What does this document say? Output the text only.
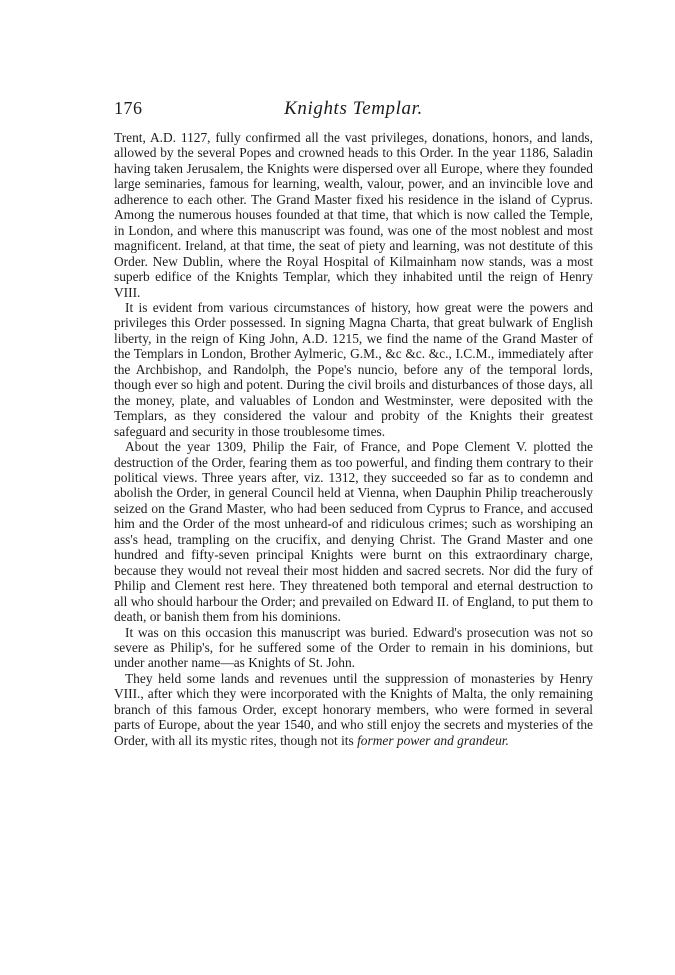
176	Knights Templar.

Trent, A.D. 1127, fully confirmed all the vast privileges, donations, honors, and lands, allowed by the several Popes and crowned heads to this Order. In the year 1186, Saladin having taken Jerusalem, the Knights were dispersed over all Europe, where they founded large seminaries, famous for learning, wealth, valour, power, and an invincible love and adherence to each other. The Grand Master fixed his residence in the island of Cyprus. Among the numerous houses founded at that time, that which is now called the Temple, in London, and where this manuscript was found, was one of the most noblest and most magnificent. Ireland, at that time, the seat of piety and learning, was not destitute of this Order. New Dublin, where the Royal Hospital of Kilmainham now stands, was a most superb edifice of the Knights Templar, which they inhabited until the reign of Henry VIII.

It is evident from various circumstances of history, how great were the powers and privileges this Order possessed. In signing Magna Charta, that great bulwark of English liberty, in the reign of King John, A.D. 1215, we find the name of the Grand Master of the Templars in London, Brother Aylmeric, G.M., &c &c. &c., I.C.M., immediately after the Archbishop, and Randolph, the Pope's nuncio, before any of the temporal lords, though ever so high and potent. During the civil broils and disturbances of those days, all the money, plate, and valuables of London and Westminster, were deposited with the Templars, as they considered the valour and probity of the Knights their greatest safeguard and security in those troublesome times.

About the year 1309, Philip the Fair, of France, and Pope Clement V. plotted the destruction of the Order, fearing them as too powerful, and finding them contrary to their political views. Three years after, viz. 1312, they succeeded so far as to condemn and abolish the Order, in general Council held at Vienna, when Dauphin Philip treacherously seized on the Grand Master, who had been seduced from Cyprus to France, and accused him and the Order of the most unheard-of and ridiculous crimes; such as worshiping an ass's head, trampling on the crucifix, and denying Christ. The Grand Master and one hundred and fifty-seven principal Knights were burnt on this extraordinary charge, because they would not reveal their most hidden and sacred secrets. Nor did the fury of Philip and Clement rest here. They threatened both temporal and eternal destruction to all who should harbour the Order; and prevailed on Edward II. of England, to put them to death, or banish them from his dominions.

It was on this occasion this manuscript was buried. Edward's prosecution was not so severe as Philip's, for he suffered some of the Order to remain in his dominions, but under another name—as Knights of St. John.

They held some lands and revenues until the suppression of monasteries by Henry VIII., after which they were incorporated with the Knights of Malta, the only remaining branch of this famous Order, except honorary members, who were formed in several parts of Europe, about the year 1540, and who still enjoy the secrets and mysteries of the Order, with all its mystic rites, though not its former power and grandeur.
